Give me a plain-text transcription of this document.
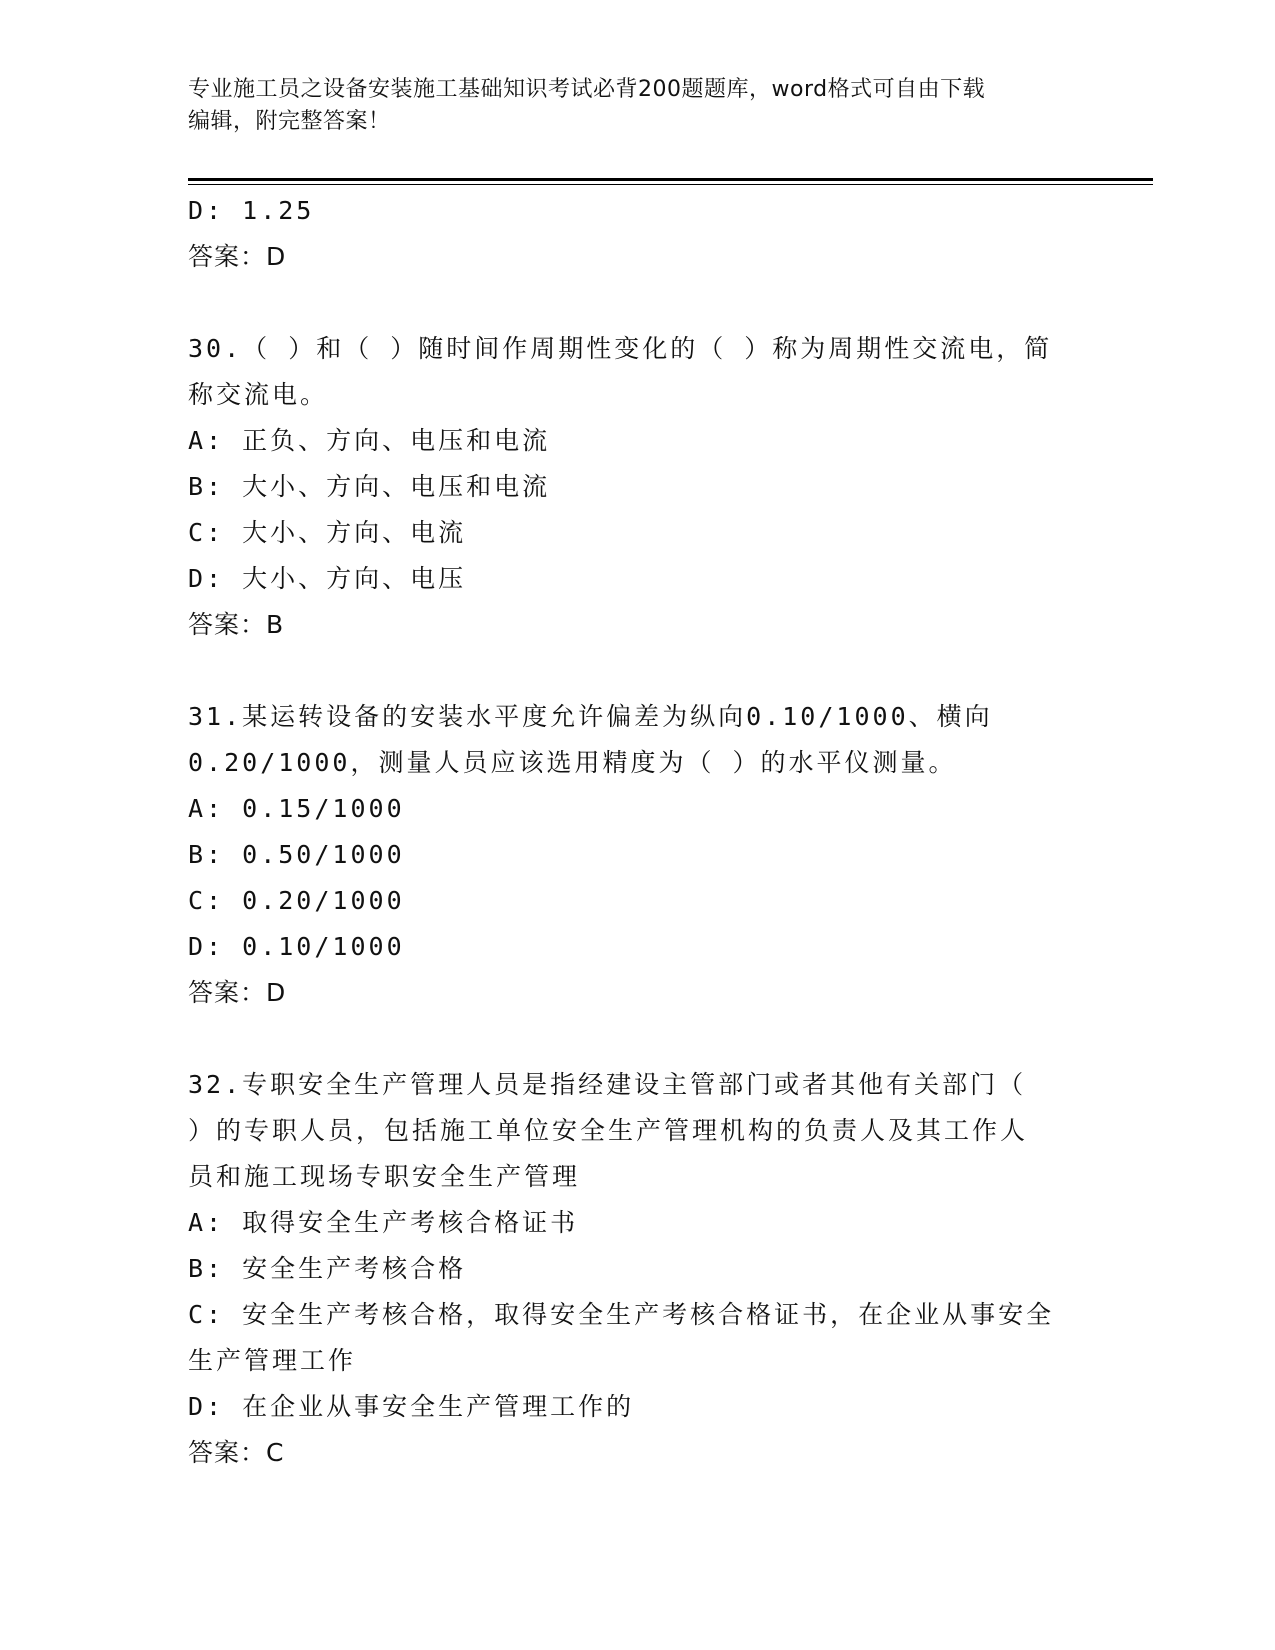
专业施工员之设备安装施工基础知识考试必背200题题库，word格式可自由下载
编辑，附完整答案！
D: 1.25
答案：D
30.（ ）和（ ）随时间作周期性变化的（ ）称为周期性交流电，简
称交流电。
A: 正负、方向、电压和电流
B: 大小、方向、电压和电流
C: 大小、方向、电流
D: 大小、方向、电压
答案：B
31.某运转设备的安装水平度允许偏差为纵向0.10/1000、横向
0.20/1000，测量人员应该选用精度为（ ）的水平仪测量。
A: 0.15/1000
B: 0.50/1000
C: 0.20/1000
D: 0.10/1000
答案：D
32.专职安全生产管理人员是指经建设主管部门或者其他有关部门（
）的专职人员，包括施工单位安全生产管理机构的负责人及其工作人
员和施工现场专职安全生产管理
A: 取得安全生产考核合格证书
B: 安全生产考核合格
C: 安全生产考核合格，取得安全生产考核合格证书，在企业从事安全
生产管理工作
D: 在企业从事安全生产管理工作的
答案：C
